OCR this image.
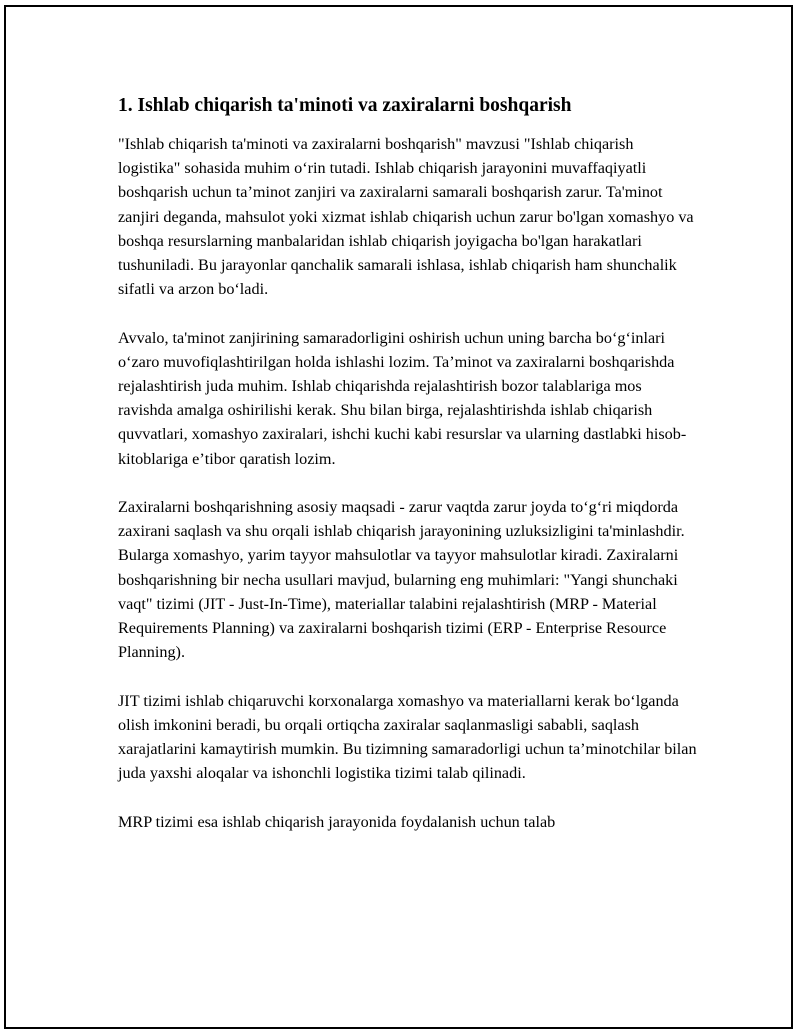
1. Ishlab chiqarish ta'minoti va zaxiralarni boshqarish

"Ishlab chiqarish ta'minoti va zaxiralarni boshqarish" mavzusi "Ishlab chiqarish logistika" sohasida muhim oʻrin tutadi. Ishlab chiqarish jarayonini muvaffaqiyatli boshqarish uchun taʼminot zanjiri va zaxiralarni samarali boshqarish zarur. Ta'minot zanjiri deganda, mahsulot yoki xizmat ishlab chiqarish uchun zarur bo'lgan xomashyo va boshqa resurslarning manbalaridan ishlab chiqarish joyigacha bo'lgan harakatlari tushuniladi. Bu jarayonlar qanchalik samarali ishlasa, ishlab chiqarish ham shunchalik sifatli va arzon boʻladi.

Avvalo, ta'minot zanjirining samaradorligini oshirish uchun uning barcha boʻgʻinlari oʻzaro muvofiqlashtirilgan holda ishlashi lozim. Taʼminot va zaxiralarni boshqarishda rejalashtirish juda muhim. Ishlab chiqarishda rejalashtirish bozor talablariga mos ravishda amalga oshirilishi kerak. Shu bilan birga, rejalashtirishda ishlab chiqarish quvvatlari, xomashyo zaxiralari, ishchi kuchi kabi resurslar va ularning dastlabki hisob-kitoblariga eʼtibor qaratish lozim.

Zaxiralarni boshqarishning asosiy maqsadi - zarur vaqtda zarur joyda toʻgʻri miqdorda zaxirani saqlash va shu orqali ishlab chiqarish jarayonining uzluksizligini ta'minlashdir. Bularga xomashyo, yarim tayyor mahsulotlar va tayyor mahsulotlar kiradi. Zaxiralarni boshqarishning bir necha usullari mavjud, bularning eng muhimlari: "Yangi shunchaki vaqt" tizimi (JIT - Just-In-Time), materiallar talabini rejalashtirish (MRP - Material Requirements Planning) va zaxiralarni boshqarish tizimi (ERP - Enterprise Resource Planning).

JIT tizimi ishlab chiqaruvchi korxonalarga xomashyo va materiallarni kerak boʻlganda olish imkonini beradi, bu orqali ortiqcha zaxiralar saqlanmasligi sababli, saqlash xarajatlarini kamaytirish mumkin. Bu tizimning samaradorligi uchun taʼminotchilar bilan juda yaxshi aloqalar va ishonchli logistika tizimi talab qilinadi.

MRP tizimi esa ishlab chiqarish jarayonida foydalanish uchun talab
